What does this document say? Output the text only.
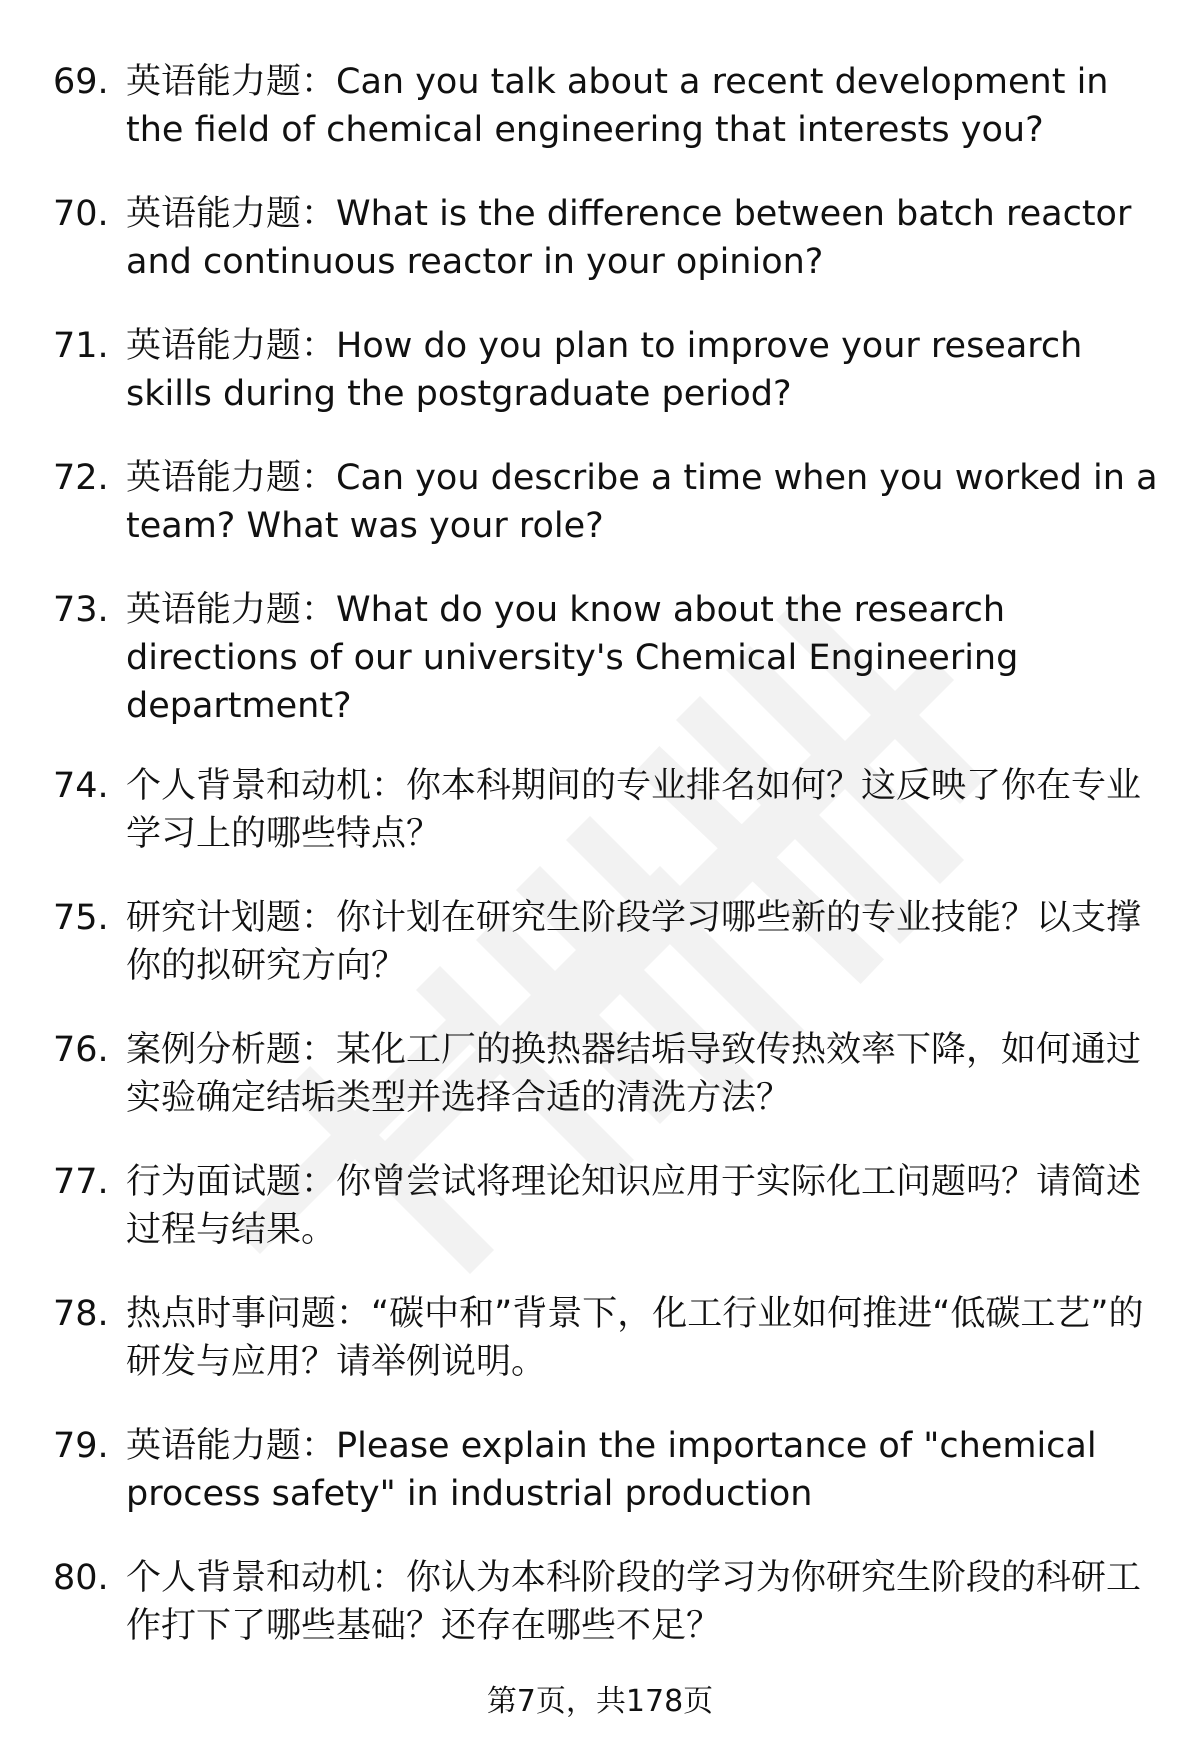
69. 英语能力题：Can you talk about a recent development in the field of chemical engineering that interests you?
70. 英语能力题：What is the difference between batch reactor and continuous reactor in your opinion?
71. 英语能力题：How do you plan to improve your research skills during the postgraduate period?
72. 英语能力题：Can you describe a time when you worked in a team? What was your role?
73. 英语能力题：What do you know about the research directions of our university's Chemical Engineering department?
74. 个人背景和动机：你本科期间的专业排名如何？这反映了你在专业学习上的哪些特点？
75. 研究计划题：你计划在研究生阶段学习哪些新的专业技能？以支撑你的拟研究方向？
76. 案例分析题：某化工厂的换热器结垢导致传热效率下降，如何通过实验确定结垢类型并选择合适的清洗方法？
77. 行为面试题：你曾尝试将理论知识应用于实际化工问题吗？请简述过程与结果。
78. 热点时事问题：“碳中和”背景下，化工行业如何推进“低碳工艺”的研发与应用？请举例说明。
79. 英语能力题：Please explain the importance of "chemical process safety" in industrial production
80. 个人背景和动机：你认为本科阶段的学习为你研究生阶段的科研工作打下了哪些基础？还存在哪些不足？
第7页，共178页
